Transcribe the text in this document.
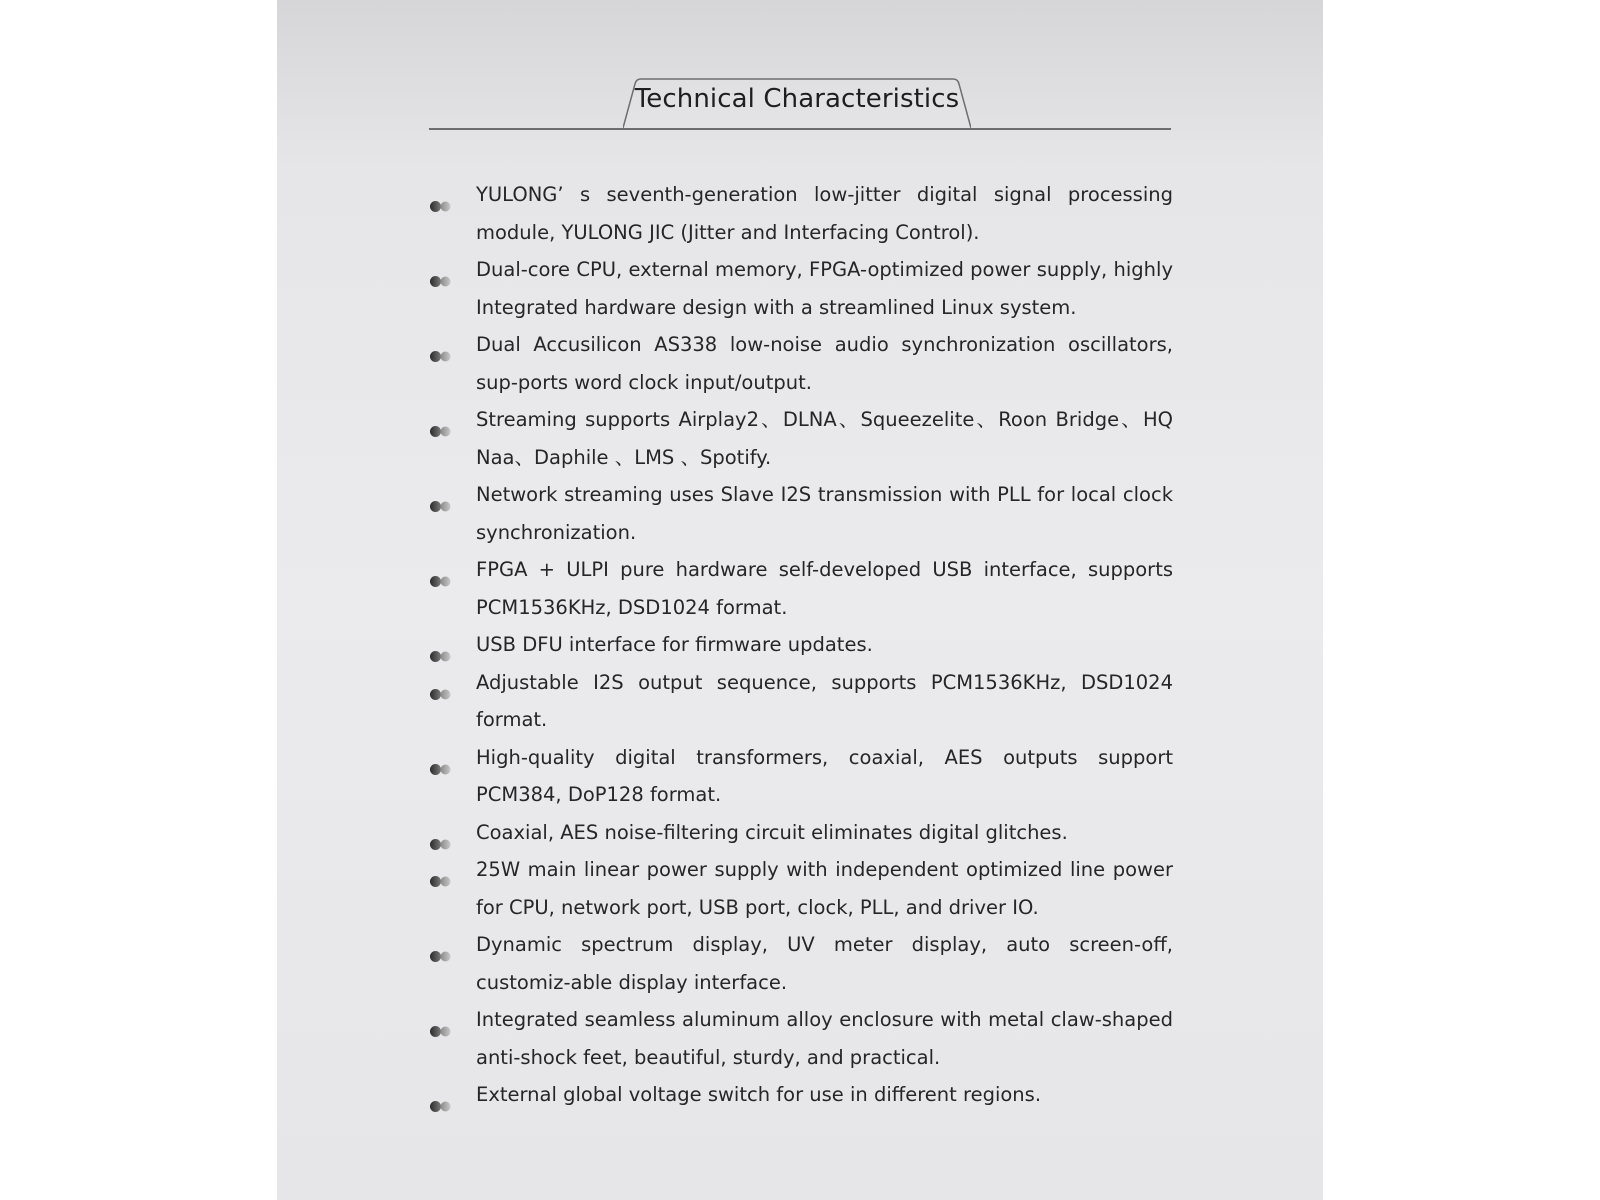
Technical Characteristics
YULONG’ s seventh-generation low-jitter digital signal processing module, YULONG JIC (Jitter and Interfacing Control).
Dual-core CPU, external memory, FPGA-optimized power supply, highly Integrated hardware design with a streamlined Linux system.
Dual Accusilicon AS338 low-noise audio synchronization oscillators, sup-ports word clock input/output.
Streaming supports Airplay2、DLNA、Squeezelite、Roon Bridge、HQ Naa、Daphile 、LMS 、Spotify.
Network streaming uses Slave I2S transmission with PLL for local clock synchronization.
FPGA + ULPI pure hardware self-developed USB interface, supports PCM1536KHz, DSD1024 format.
USB DFU interface for firmware updates.
Adjustable I2S output sequence, supports PCM1536KHz, DSD1024 format.
High-quality digital transformers, coaxial, AES outputs support PCM384, DoP128 format.
Coaxial, AES noise-filtering circuit eliminates digital glitches.
25W main linear power supply with independent optimized line power for CPU, network port, USB port, clock, PLL, and driver IO.
Dynamic spectrum display, UV meter display, auto screen-off, customiz-able display interface.
Integrated seamless aluminum alloy enclosure with metal claw-shaped anti-shock feet, beautiful, sturdy, and practical.
External global voltage switch for use in different regions.
